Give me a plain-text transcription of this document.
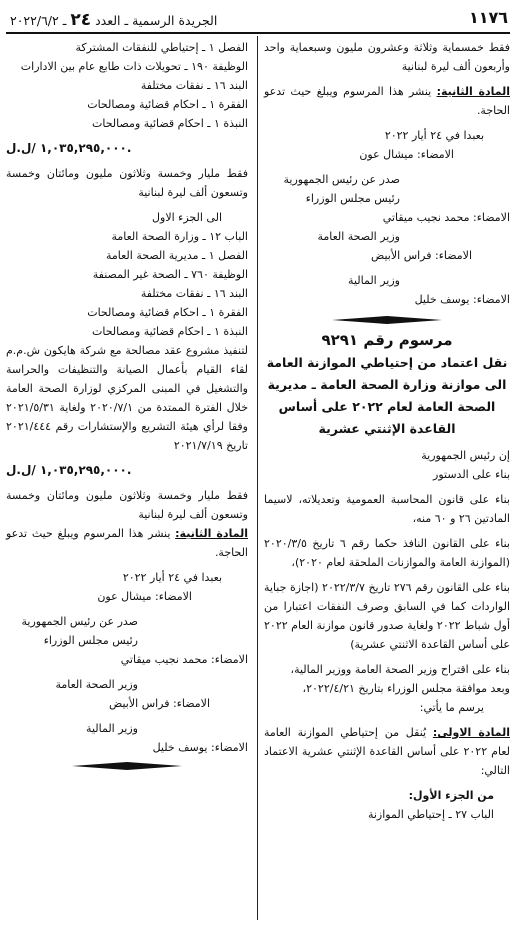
١١٧٦
الجريدة الرسمية ـ العدد ٢٤ ـ ٢٠٢٢/٦/٢

فقط خمسماية وثلاثة وعشرون مليون وسبعماية واحد وأربعون ألف ليرة لبنانية

المادة الثانية: ينشر هذا المرسوم ويبلغ حيث تدعو الحاجة.

بعبدا في ٢٤ أيار ٢٠٢٢

الامضاء: ميشال عون

صدر عن رئيس الجمهورية

رئيس مجلس الوزراء

الامضاء: محمد نجيب ميقاتي

وزير الصحة العامة

الامضاء: فراس الأبيض

وزير المالية

الامضاء: يوسف خليل

مرسوم رقم ٩٢٩١
نقل اعتماد من إحتياطي الموازنة العامة الى موازنة وزارة الصحة العامة ـ مديرية الصحة العامة لعام ٢٠٢٢ على أساس القاعدة الإثنتي عشرية

إن رئيس الجمهورية

بناء على الدستور

بناء على قانون المحاسبة العمومية وتعديلاته، لاسيما المادتين ٢٦ و ٦٠ منه،

بناء على القانون النافذ حكما رقم ٦ تاريخ ٢٠٢٠/٣/٥ (الموازنة العامة والموازنات الملحقة لعام ٢٠٢٠)،

بناء على القانون رقم ٢٧٦ تاريخ ٢٠٢٢/٣/٧ (اجازة جباية الواردات كما في السابق وصرف النفقات اعتبارا من أول شباط ٢٠٢٢ ولغاية صدور قانون موازنة العام ٢٠٢٢ على أساس القاعدة الاثنتي عشرية)

بناء على اقتراح وزير الصحة العامة ووزير المالية،

وبعد موافقة مجلس الوزراء بتاريخ ٢٠٢٢/٤/٢١،

يرسم ما يأتي:

المادة الاولى: يُنقل من إحتياطي الموازنة العامة لعام ٢٠٢٢ على أساس القاعدة الإثنتي عشرية الاعتماد التالي:

من الجزء الأول:

الباب ٢٧ ـ إحتياطي الموازنة

الفصل ١ ـ إحتياطي للنفقات المشتركة

الوظيفة ١٩٠ ـ تحويلات ذات طابع عام بين الادارات

البند ١٦ ـ نفقات مختلفة

الفقرة ١ ـ احكام قضائية ومصالحات

النبذة ١ ـ احكام قضائية ومصالحات

١,٠٣٥,٢٩٥,٠٠٠ /ل.ل.

فقط مليار وخمسة وثلاثون مليون ومائتان وخمسة وتسعون ألف ليرة لبنانية

الى الجزء الاول

الباب ١٢ ـ وزارة الصحة العامة

الفصل ١ ـ مديرية الصحة العامة

الوظيفة ٧٦٠ ـ الصحة غير المصنفة

البند ١٦ ـ نفقات مختلفة

الفقرة ١ ـ احكام قضائية ومصالحات

النبذة ١ ـ احكام قضائية ومصالحات

لتنفيذ مشروع عقد مصالحة مع شركة هايكون ش.م.م لقاء القيام بأعمال الصيانة والتنظيفات والحراسة والتشغيل في المبنى المركزي لوزارة الصحة العامة خلال الفترة الممتدة من ٢٠٢٠/٧/١ ولغاية ٢٠٢١/٥/٣١ وفقا لرأي هيئة التشريع والإستشارات رقم ٢٠٢١/٤٤٤ تاريخ ٢٠٢١/٧/١٩

١,٠٣٥,٢٩٥,٠٠٠ /ل.ل.

فقط مليار وخمسة وثلاثون مليون ومائتان وخمسة وتسعون ألف ليرة لبنانية

المادة الثانية: ينشر هذا المرسوم ويبلغ حيث تدعو الحاجة.

بعبدا في ٢٤ أيار ٢٠٢٢

الامضاء: ميشال عون

صدر عن رئيس الجمهورية

رئيس مجلس الوزراء

الامضاء: محمد نجيب ميقاتي

وزير الصحة العامة

الامضاء: فراس الأبيض

وزير المالية

الامضاء: يوسف خليل
